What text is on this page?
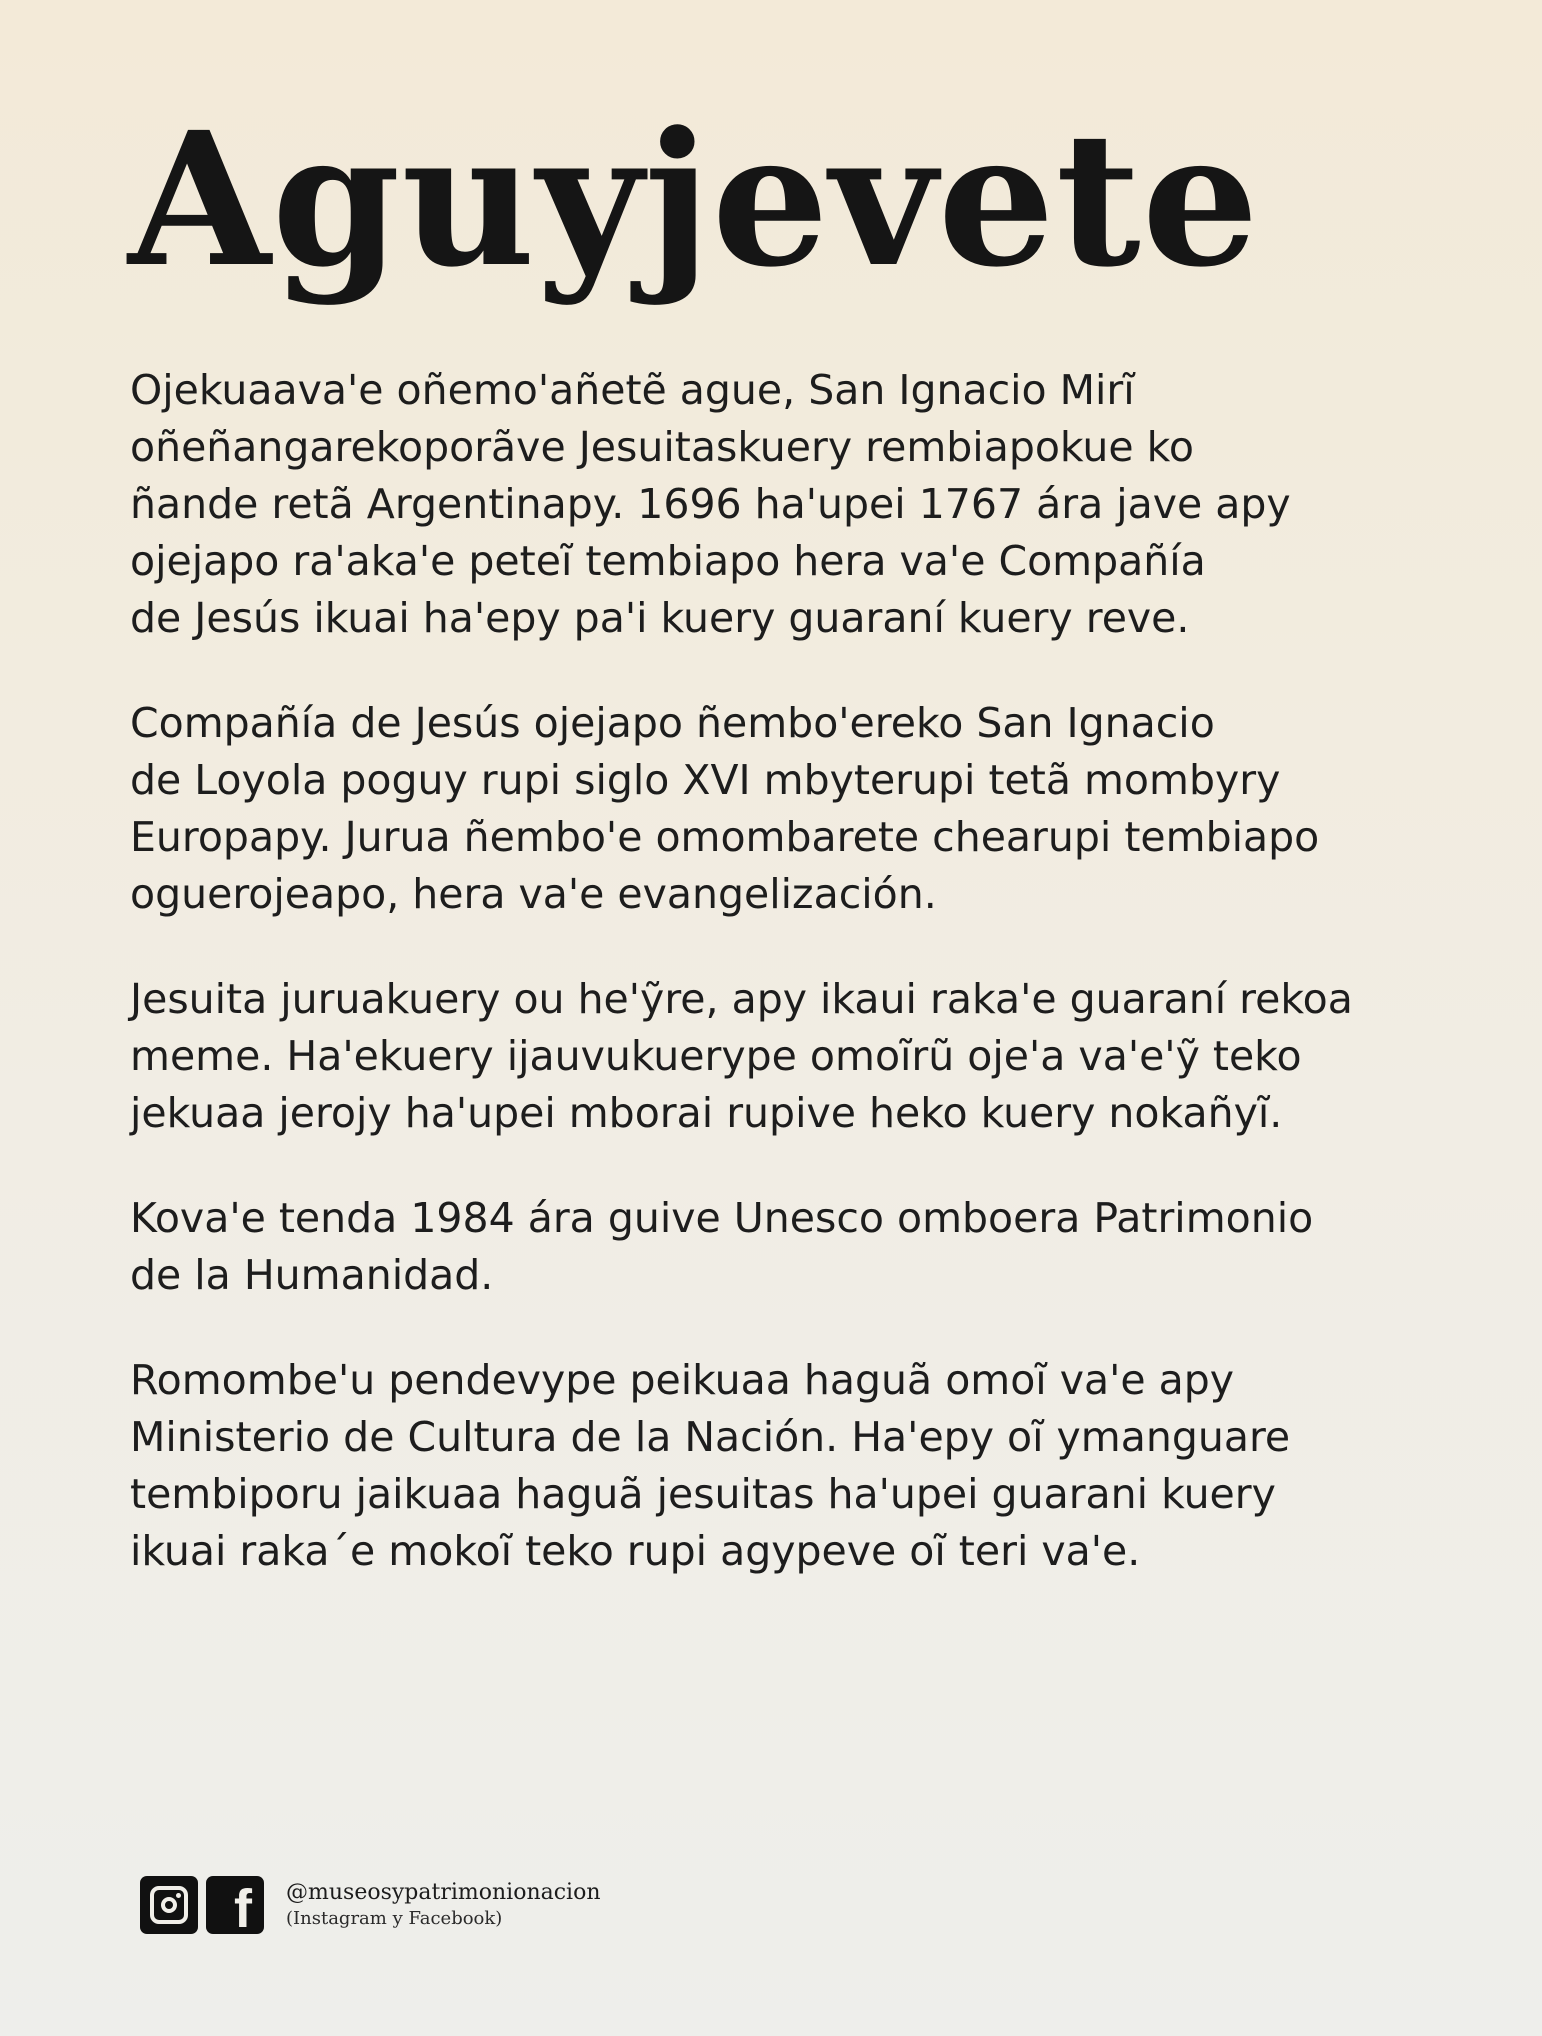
Aguyjevete

Ojekuaava'e oñemo'añetẽ ague, San Ignacio Mirĩ
oñeñangarekoporãve Jesuitaskuery rembiapokue ko
ñande retã Argentinapy. 1696 ha'upei 1767 ára jave apy
ojejapo ra'aka'e peteĩ tembiapo hera va'e Compañía
de Jesús ikuai ha'epy pa'i kuery guaraní kuery reve.

Compañía de Jesús ojejapo ñembo'ereko San Ignacio
de Loyola poguy rupi siglo XVI mbyterupi tetã mombyry
Europapy. Jurua ñembo'e omombarete chearupi tembiapo
oguerojeapo, hera va'e evangelización.

Jesuita juruakuery ou he'ỹre, apy ikaui raka'e guaraní rekoa
meme. Ha'ekuery ijauvukuerype omoĩrũ oje'a va'e'ỹ teko
jekuaa jerojy ha'upei mborai rupive heko kuery nokañyĩ.

Kova'e tenda 1984 ára guive Unesco omboera Patrimonio
de la Humanidad.

Romombe'u pendevype peikuaa haguã omoĩ va'e apy
Ministerio de Cultura de la Nación. Ha'epy oĩ ymanguare
tembiporu jaikuaa haguã jesuitas ha'upei guarani kuery
ikuai raka´e mokoĩ teko rupi agypeve oĩ teri va'e.

f @museosypatrimonionacion
(Instagram y Facebook)
